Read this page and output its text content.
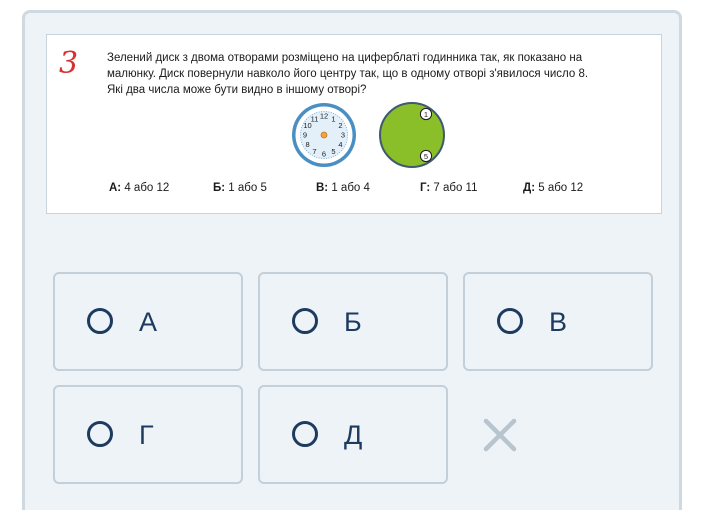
3	Зелений диск з двома отворами розміщено на циферблаті годинника так, як показано на

малюнку. Диск повернули навколо його центру так, що в одному отворі з'явилося число 8.

Які два числа може бути видно в іншому отворі?

12 1
2
3
4
5
6
7
8
9
10
11	1
5
А: 4 або 12	Б: 1 або 5	В: 1 або 4	Г: 7 або 11	Д: 5 або 12
А	Б	В
Г	Д
